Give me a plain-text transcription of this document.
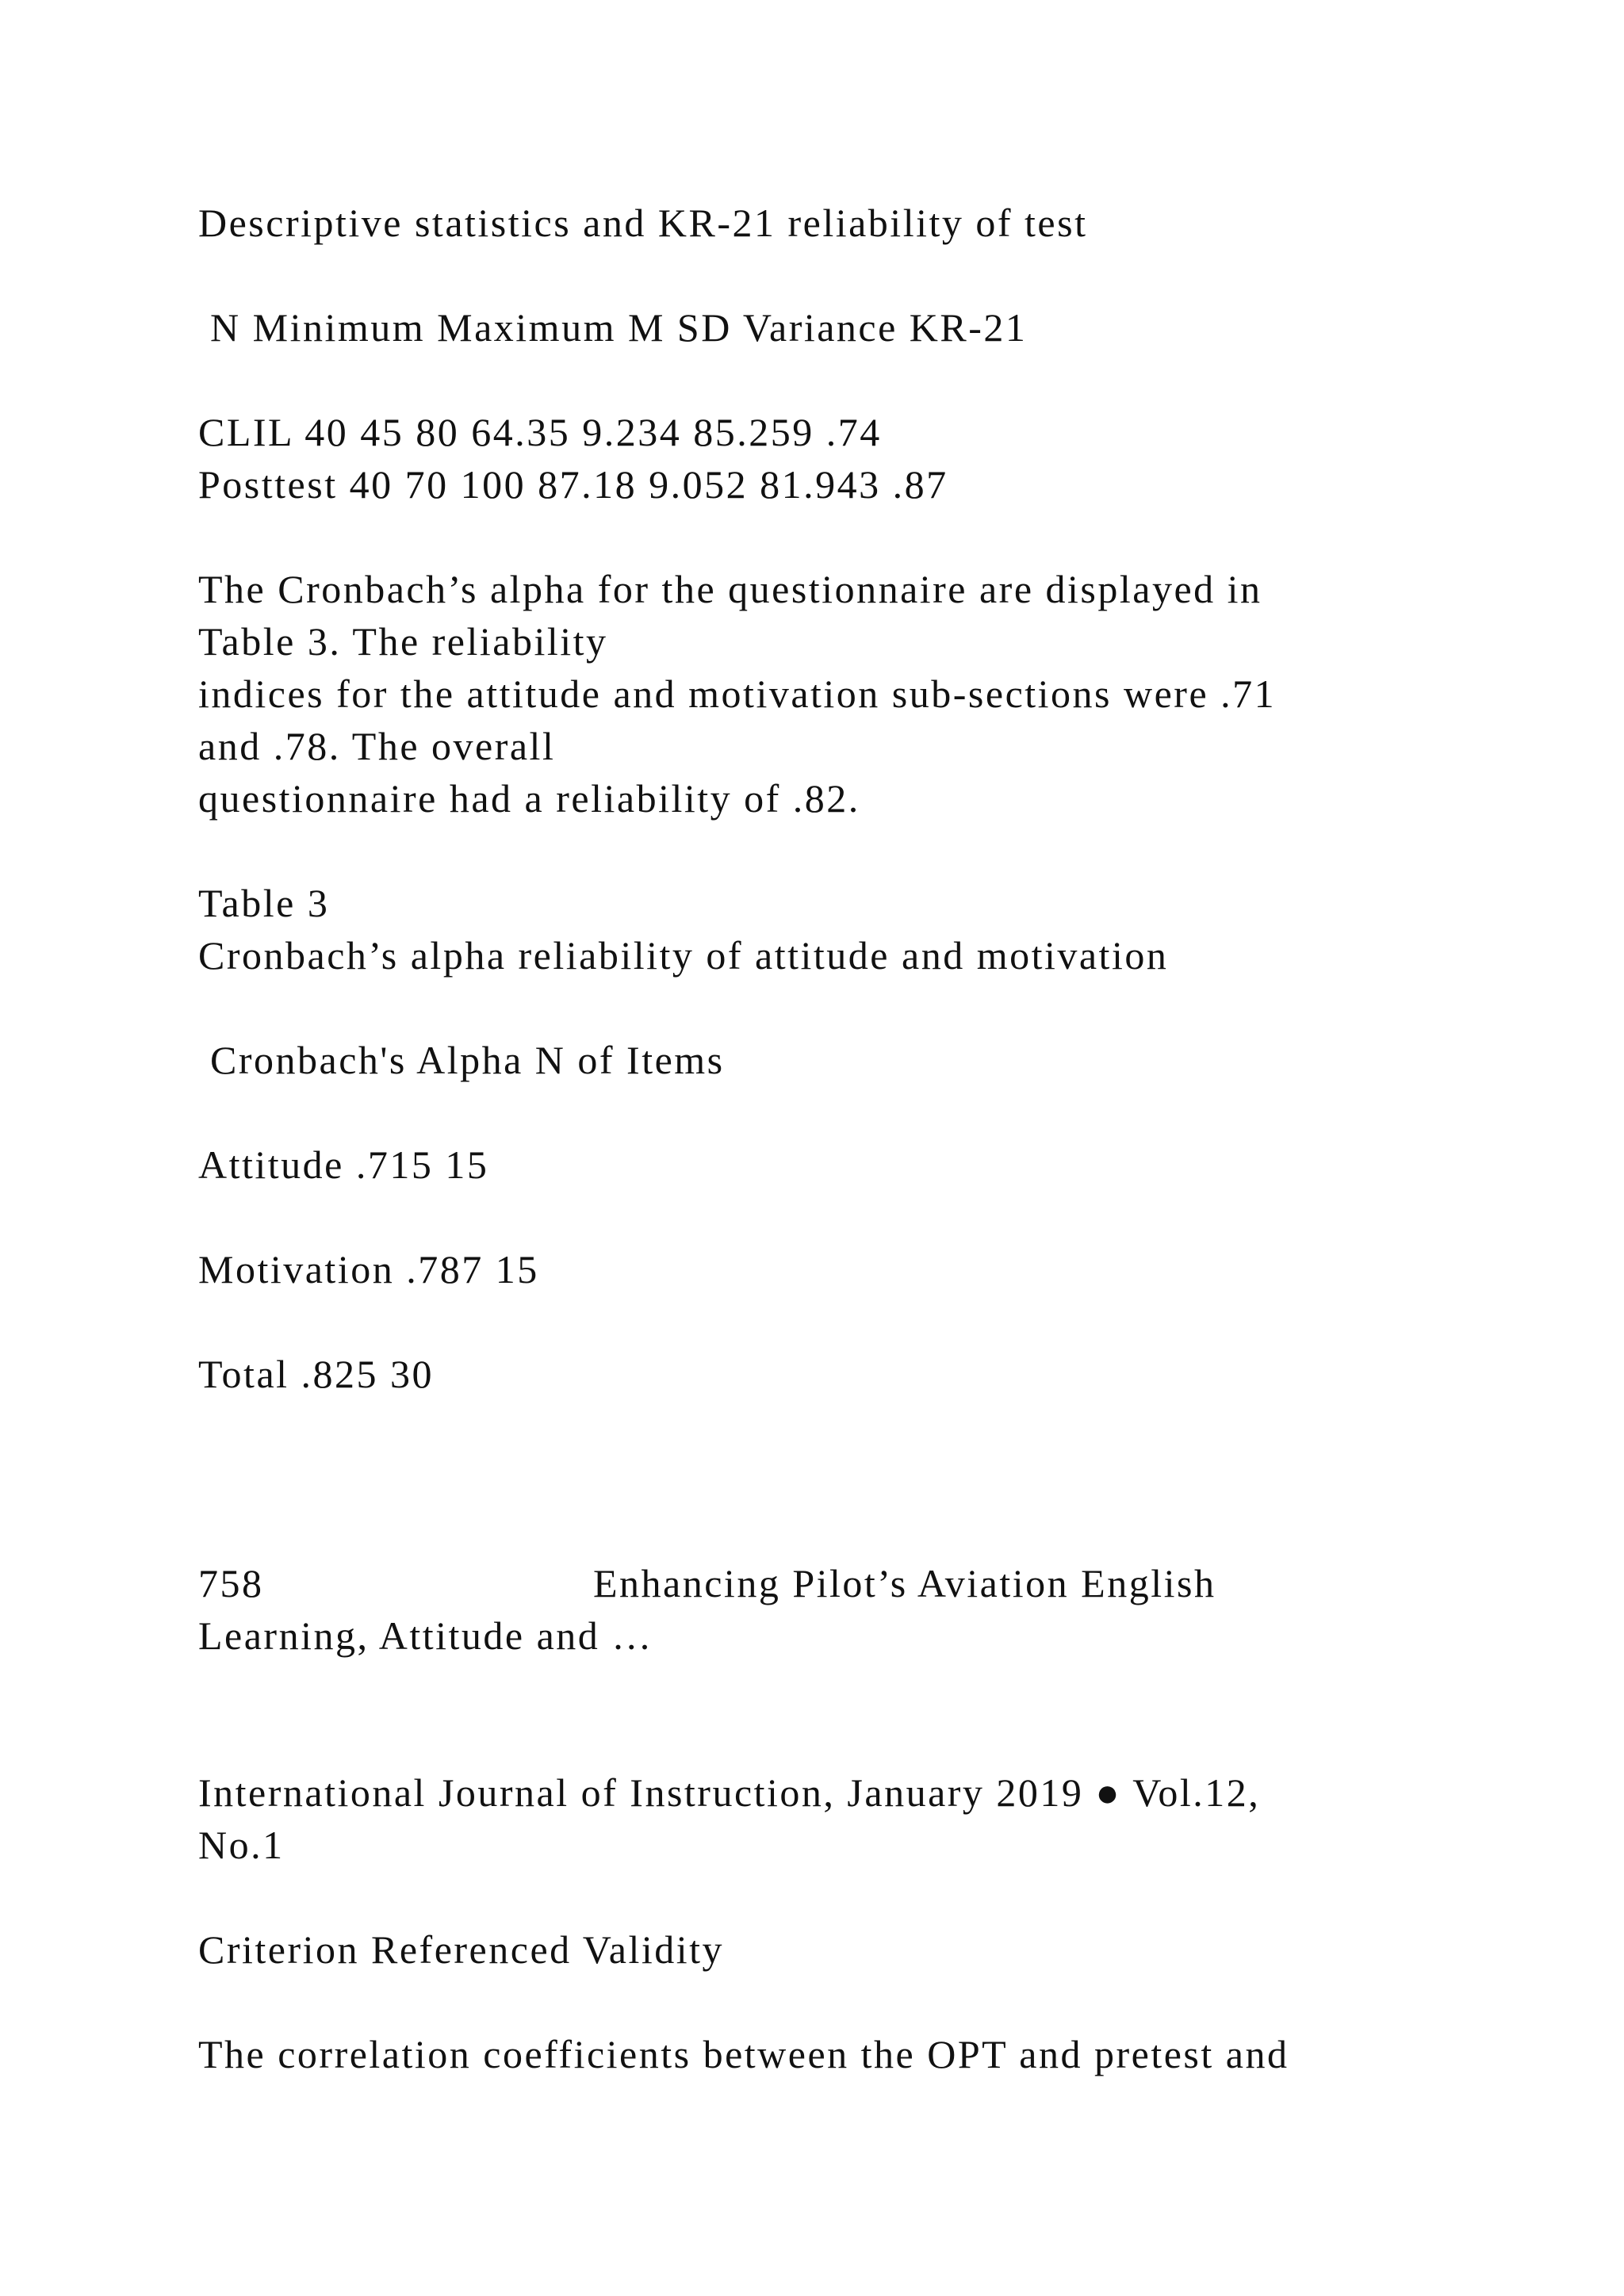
Descriptive statistics and KR-21 reliability of test

N Minimum Maximum M SD Variance KR-21

CLIL 40 45 80 64.35 9.234 85.259 .74

Posttest 40 70 100 87.18 9.052 81.943 .87

The Cronbach’s alpha for the questionnaire are displayed in

Table 3. The reliability

indices for the attitude and motivation sub-sections were .71

and .78. The overall

questionnaire had a reliability of .82.

Table 3

Cronbach’s alpha reliability of attitude and motivation

Cronbach's Alpha N of Items

Attitude .715 15

Motivation .787 15

Total .825 30

758	Enhancing Pilot’s Aviation English

Learning, Attitude and …

International Journal of Instruction, January 2019 ● Vol.12,

No.1

Criterion Referenced Validity

The correlation coefficients between the OPT and pretest and
